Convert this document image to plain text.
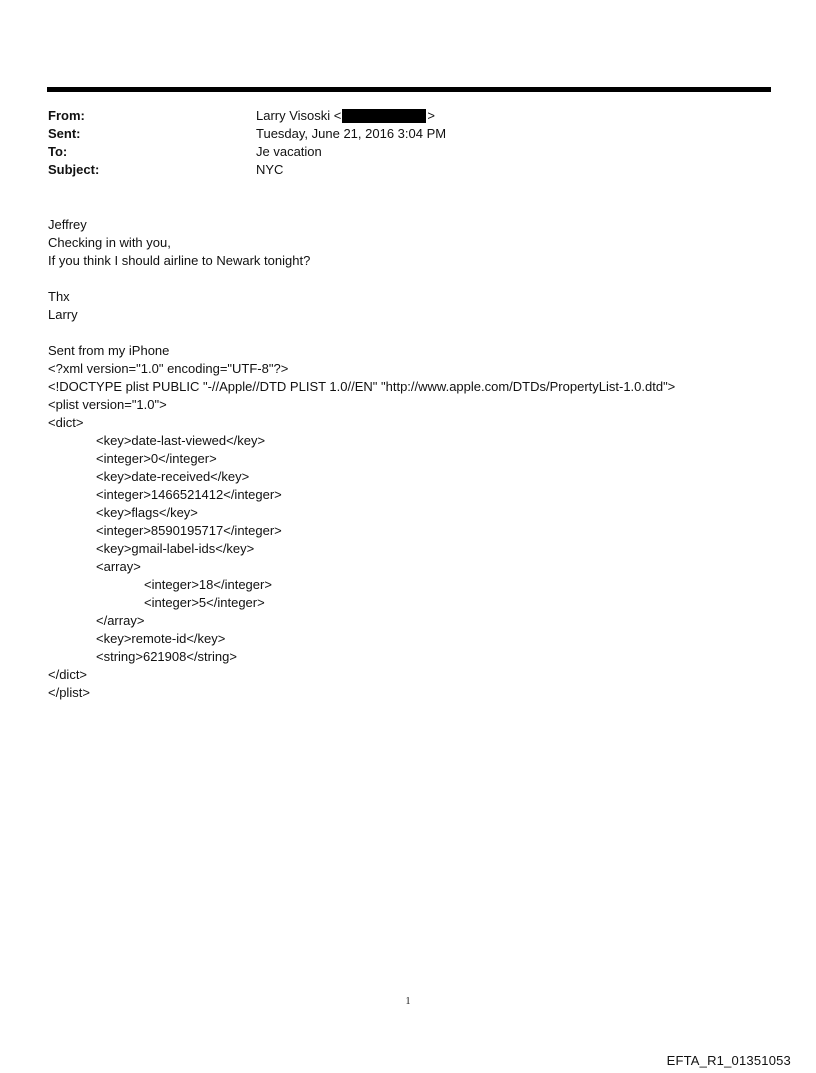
From:	Larry Visoski <	>
Sent:	Tuesday, June 21, 2016 3:04 PM
To:	Je vacation
Subject:	NYC
Jeffrey
Checking in with you,
If you think I should airline to Newark tonight?
Thx
Larry
Sent from my iPhone
<?xml version="1.0" encoding="UTF-8"?>
<!DOCTYPE plist PUBLIC "-//Apple//DTD PLIST 1.0//EN" "http://www.apple.com/DTDs/PropertyList-1.0.dtd">
<plist version="1.0">
<dict>
<key>date-last-viewed</key>
<integer>0</integer>
<key>date-received</key>
<integer>1466521412</integer>
<key>flags</key>
<integer>8590195717</integer>
<key>gmail-label-ids</key>
<array>
<integer>18</integer>
<integer>5</integer>
</array>
<key>remote-id</key>
<string>621908</string>
</dict>
</plist>
1
EFTA_R1_01351053
